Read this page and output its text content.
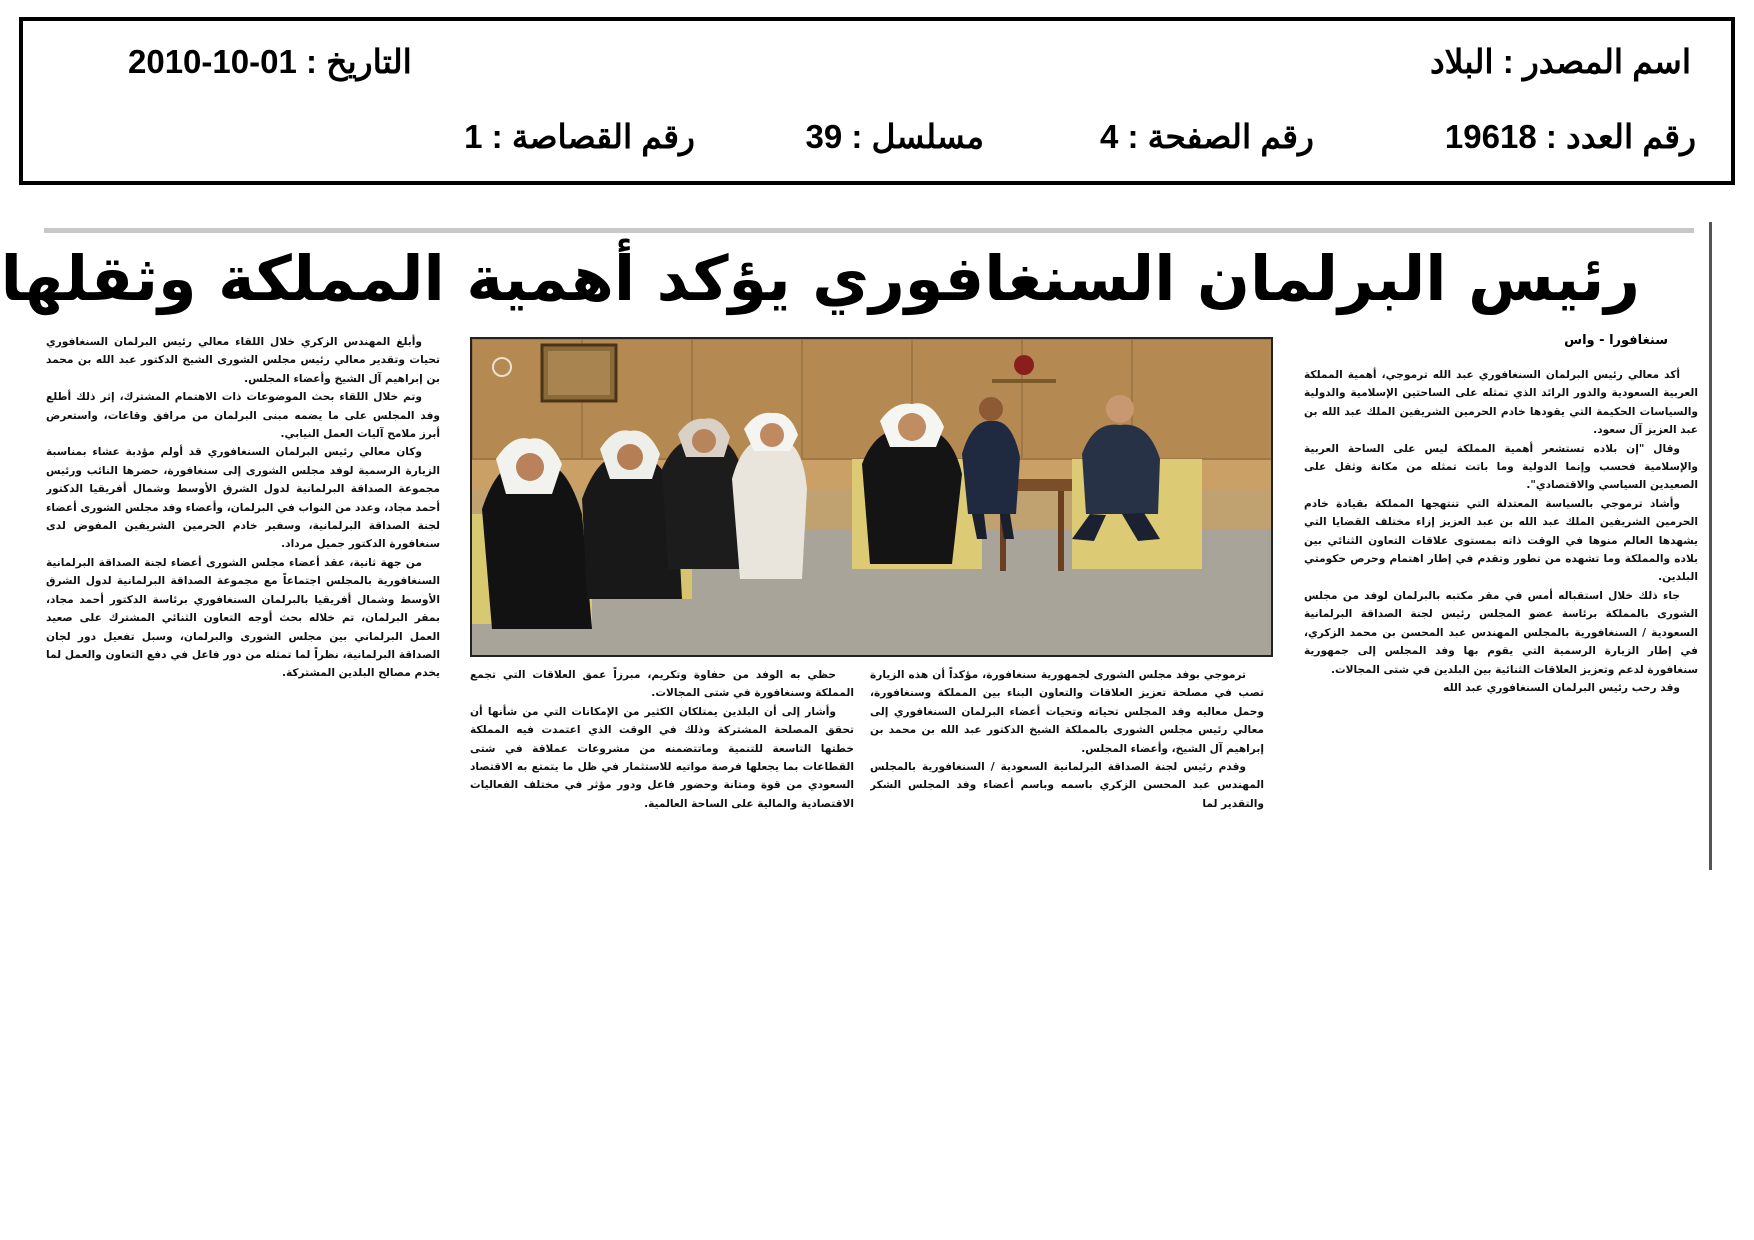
اسم المصدر : البلاد
التاريخ : 01-10-2010
رقم العدد : 19618
رقم الصفحة : 4
مسلسل : 39
رقم القصاصة : 1
رئيس البرلمان السنغافوري يؤكد أهمية المملكة وثقلها
سنغافورا - واس

أكد معالي رئيس البرلمان السنغافوري عبد الله ترموجي، أهمية المملكة العربية السعودية والدور الرائد الذي تمثله على الساحتين الإسلامية والدولية والسياسات الحكيمة التي يقودها خادم الحرمين الشريفين الملك عبد الله بن عبد العزيز آل سعود.

وقال "إن بلاده تستشعر أهمية المملكة ليس على الساحة العربية والإسلامية فحسب وإنما الدولية وما باتت تمثله من مكانة وثقل على الصعيدين السياسي والاقتصادي".

وأشاد ترموجي بالسياسة المعتدلة التي تنتهجها المملكة بقيادة خادم الحرمين الشريفين الملك عبد الله بن عبد العزيز إزاء مختلف القضايا التي يشهدها العالم منوها في الوقت ذاته بمستوى علاقات التعاون الثنائي بين بلاده والمملكة وما تشهده من تطور وتقدم في إطار اهتمام وحرص حكومتي البلدين.

جاء ذلك خلال استقباله أمس في مقر مكتبه بالبرلمان لوفد من مجلس الشورى بالمملكة برئاسة عضو المجلس رئيس لجنة الصداقة البرلمانية السعودية / السنغافورية بالمجلس المهندس عبد المحسن بن محمد الزكري، في إطار الزيارة الرسمية التي يقوم بها وفد المجلس إلى جمهورية سنغافورة لدعم وتعزيز العلاقات الثنائية بين البلدين في شتى المجالات.

وقد رحب رئيس البرلمان السنغافوري عبد الله

ترموجي بوفد مجلس الشورى لجمهورية سنغافورة، مؤكداً أن هذه الزيارة تصب في مصلحة تعزيز العلاقات والتعاون البناء بين المملكة وسنغافورة، وحمل معاليه وفد المجلس تحياته وتحيات أعضاء البرلمان السنغافوري إلى معالي رئيس مجلس الشورى بالمملكة الشيخ الدكتور عبد الله بن محمد بن إبراهيم آل الشيخ، وأعضاء المجلس.

وقدم رئيس لجنة الصداقة البرلمانية السعودية / السنغافورية بالمجلس المهندس عبد المحسن الزكري باسمه وباسم أعضاء وفد المجلس الشكر والتقدير لما

حظي به الوفد من حفاوة وتكريم، مبرزاً عمق العلاقات التي تجمع المملكة وسنغافورة في شتى المجالات.

وأشار إلى أن البلدين يمتلكان الكثير من الإمكانات التي من شأنها أن تحقق المصلحة المشتركة وذلك في الوقت الذي اعتمدت فيه المملكة خطتها التاسعة للتنمية وماتتضمنه من مشروعات عملاقة في شتى القطاعات بما يجعلها فرصة مواتيه للاستثمار في ظل ما يتمتع به الاقتصاد السعودي من قوة ومتانة وحضور فاعل ودور مؤثر في مختلف الفعاليات الاقتصادية والمالية على الساحة العالمية.

وأبلغ المهندس الزكري خلال اللقاء معالي رئيس البرلمان السنغافوري تحيات وتقدير معالي رئيس مجلس الشورى الشيخ الدكتور عبد الله بن محمد بن إبراهيم آل الشيخ وأعضاء المجلس.

وتم خلال اللقاء بحث الموضوعات ذات الاهتمام المشترك، إثر ذلك أطلع وفد المجلس على ما يضمه مبنى البرلمان من مرافق وقاعات، واستعرض أبرز ملامح آليات العمل النيابي.

وكان معالي رئيس البرلمان السنغافوري قد أولم مؤدبة عشاء بمناسبة الزيارة الرسمية لوفد مجلس الشورى إلى سنغافورة، حضرها النائب ورئيس مجموعة الصداقة البرلمانية لدول الشرق الأوسط وشمال أفريقيا الدكتور أحمد مجاد، وعدد من النواب في البرلمان، وأعضاء وفد مجلس الشورى أعضاء لجنة الصداقة البرلمانية، وسفير خادم الحرمين الشريفين المفوض لدى سنغافورة الدكتور جميل مرداد.

من جهة ثانية، عقد أعضاء مجلس الشورى أعضاء لجنة الصداقة البرلمانية السنغافورية بالمجلس اجتماعاً مع مجموعة الصداقة البرلمانية لدول الشرق الأوسط وشمال أفريقيا بالبرلمان السنغافوري برئاسة الدكتور أحمد مجاد، بمقر البرلمان، تم خلاله بحث أوجه التعاون الثنائي المشترك على صعيد العمل البرلماني بين مجلس الشورى والبرلمان، وسبل تفعيل دور لجان الصداقة البرلمانية، نظراً لما تمثله من دور فاعل في دفع التعاون والعمل لما يخدم مصالح البلدين المشتركة.
